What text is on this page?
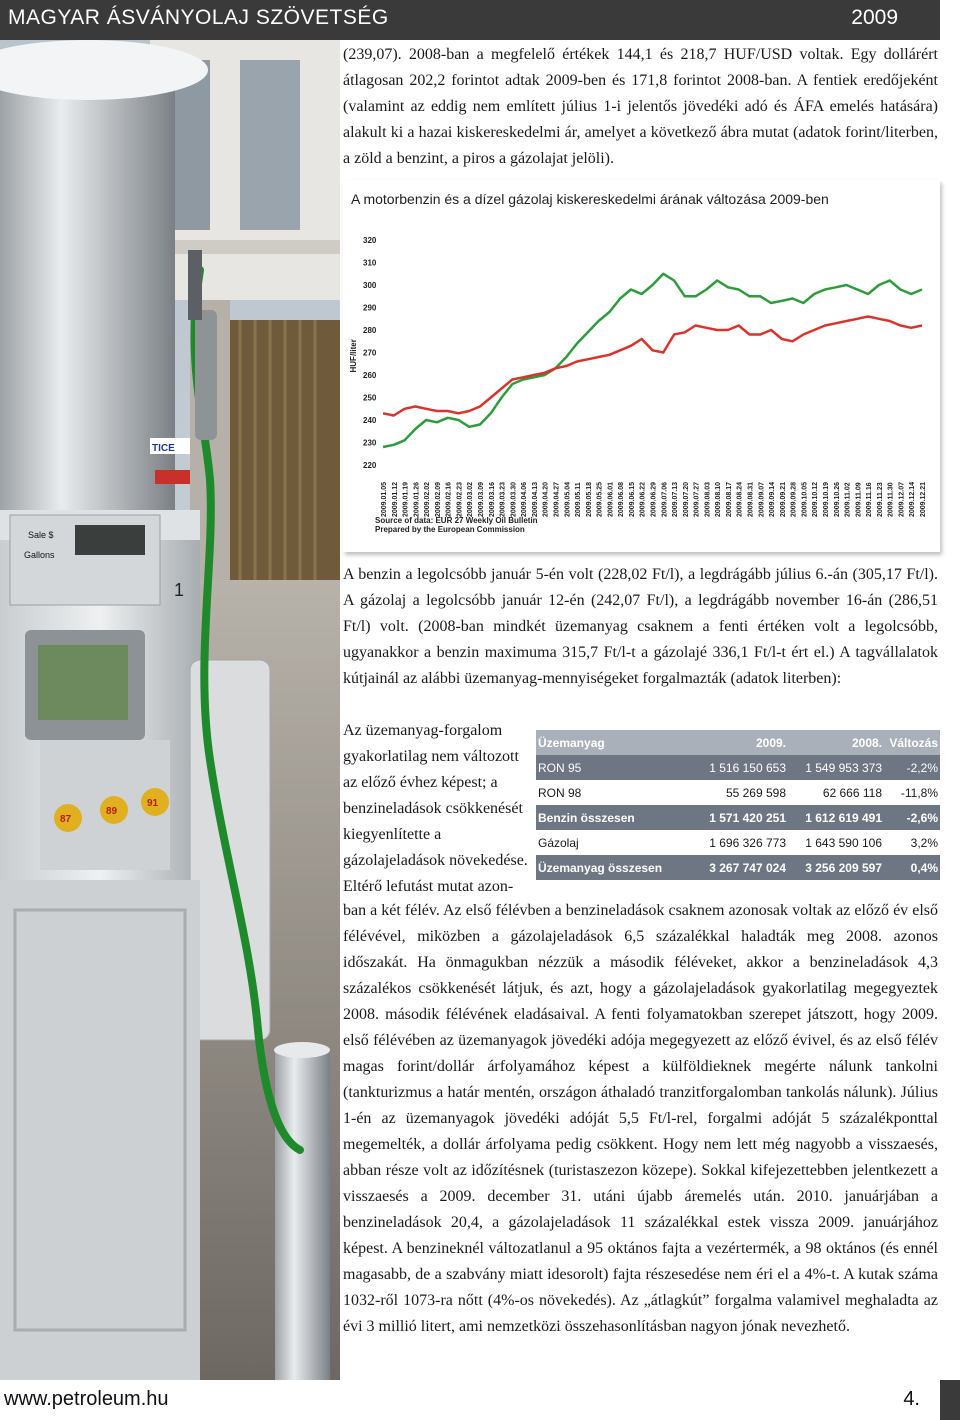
MAGYAR ÁSVÁNYOLAJ SZÖVETSÉG	2009
Sale $
Gallons
1
87
89
91
TICE

(239,07). 2008-ban a megfelelő értékek 144,1 és 218,7 HUF/USD voltak. Egy dollárért átlagosan 202,2 forintot adtak 2009-ben és 171,8 forintot 2008-ban. A fentiek eredőjeként (valamint az eddig nem említett július 1-i jelentős jövedéki adó és ÁFA emelés hatására) alakult ki a hazai kiskereskedelmi ár, amelyet a következő ábra mutat (adatok forint/literben, a zöld a benzint, a piros a gázolajat jelöli).

A motorbenzin és a dízel gázolaj kiskereskedelmi árának változása 2009-ben
HUF/liter
220
230
240
250
260
270
280
290
300
310
320
2009.01.05 2009.01.12 2009.01.19 2009.01.26 2009.02.02 2009.02.09 2009.02.16 2009.02.23 2009.03.02 2009.03.09 2009.03.16 2009.03.23 2009.03.30 2009.04.06 2009.04.13 2009.04.20 2009.04.27 2009.05.04 2009.05.11 2009.05.18 2009.05.25 2009.06.01 2009.06.08 2009.06.15 2009.06.22 2009.06.29 2009.07.06 2009.07.13 2009.07.20 2009.07.27 2009.08.03 2009.08.10 2009.08.17 2009.08.24 2009.08.31 2009.09.07 2009.09.14 2009.09.21 2009.09.28 2009.10.05 2009.10.12 2009.10.19 2009.10.26 2009.11.02 2009.11.09 2009.11.16 2009.11.23 2009.11.30 2009.12.07 2009.12.14 2009.12.21
Source of data: EUR 27 Weekly Oil Bulletin
Prepared by the European Commission

A benzin a legolcsóbb január 5-én volt (228,02 Ft/l), a legdrágább július 6.-án (305,17 Ft/l). A gázolaj a legolcsóbb január 12-én (242,07 Ft/l), a legdrágább november 16-án (286,51 Ft/l) volt. (2008-ban mindkét üzemanyag csaknem a fenti értéken volt a legolcsóbb, ugyanakkor a benzin maximuma 315,7 Ft/l-t a gázolajé 336,1 Ft/l-t ért el.) A tagvállalatok kútjainál az alábbi üzemanyag-mennyiségeket forgalmazták (adatok literben):

Az üzemanyag-forgalom gyakorlatilag nem változott az előző évhez képest; a benzineladások csökkenését kiegyenlítette a gázolajeladások növekedése. Eltérő lefutást mutat azon-

Üzemanyag	2009.	2008. Változás
RON 95	1 516 150 653	1 549 953 373	-2,2%
RON 98	55 269 598	62 666 118	-11,8%
Benzin összesen	1 571 420 251	1 612 619 491	-2,6%
Gázolaj	1 696 326 773	1 643 590 106	3,2%
Üzemanyag összesen	3 267 747 024	3 256 209 597	0,4%

ban a két félév. Az első félévben a benzineladások csaknem azonosak voltak az előző év első félévével, miközben a gázolajeladások 6,5 százalékkal haladták meg 2008. azonos időszakát. Ha önmagukban nézzük a második féléveket, akkor a benzineladások 4,3 százalékos csökkenését látjuk, és azt, hogy a gázolajeladások gyakorlatilag megegyeztek 2008. második félévének eladásaival. A fenti folyamatokban szerepet játszott, hogy 2009. első félévében az üzemanyagok jövedéki adója megegyezett az előző évivel, és az első félév magas forint/dollár árfolyamához képest a külföldieknek megérte nálunk tankolni (tankturizmus a határ mentén, országon áthaladó tranzitforgalomban tankolás nálunk). Július 1-én az üzemanyagok jövedéki adóját 5,5 Ft/l-rel, forgalmi adóját 5 százalékponttal megemelték, a dollár árfolyama pedig csökkent. Hogy nem lett még nagyobb a visszaesés, abban része volt az időzítésnek (turistaszezon közepe). Sokkal kifejezettebben jelentkezett a visszaesés a 2009. december 31. utáni újabb áremelés után. 2010. januárjában a benzineladások 20,4, a gázolajeladások 11 százalékkal estek vissza 2009. januárjához képest. A benzineknél változatlanul a 95 oktános fajta a vezértermék, a 98 oktános (és ennél magasabb, de a szabvány miatt idesorolt) fajta részesedése nem éri el a 4%-t. A kutak száma 1032-ről 1073-ra nőtt (4%-os növekedés). Az „átlagkút” forgalma valamivel meghaladta az évi 3 millió litert, ami nemzetközi összehasonlításban nagyon jónak nevezhető.

www.petroleum.hu	4.
